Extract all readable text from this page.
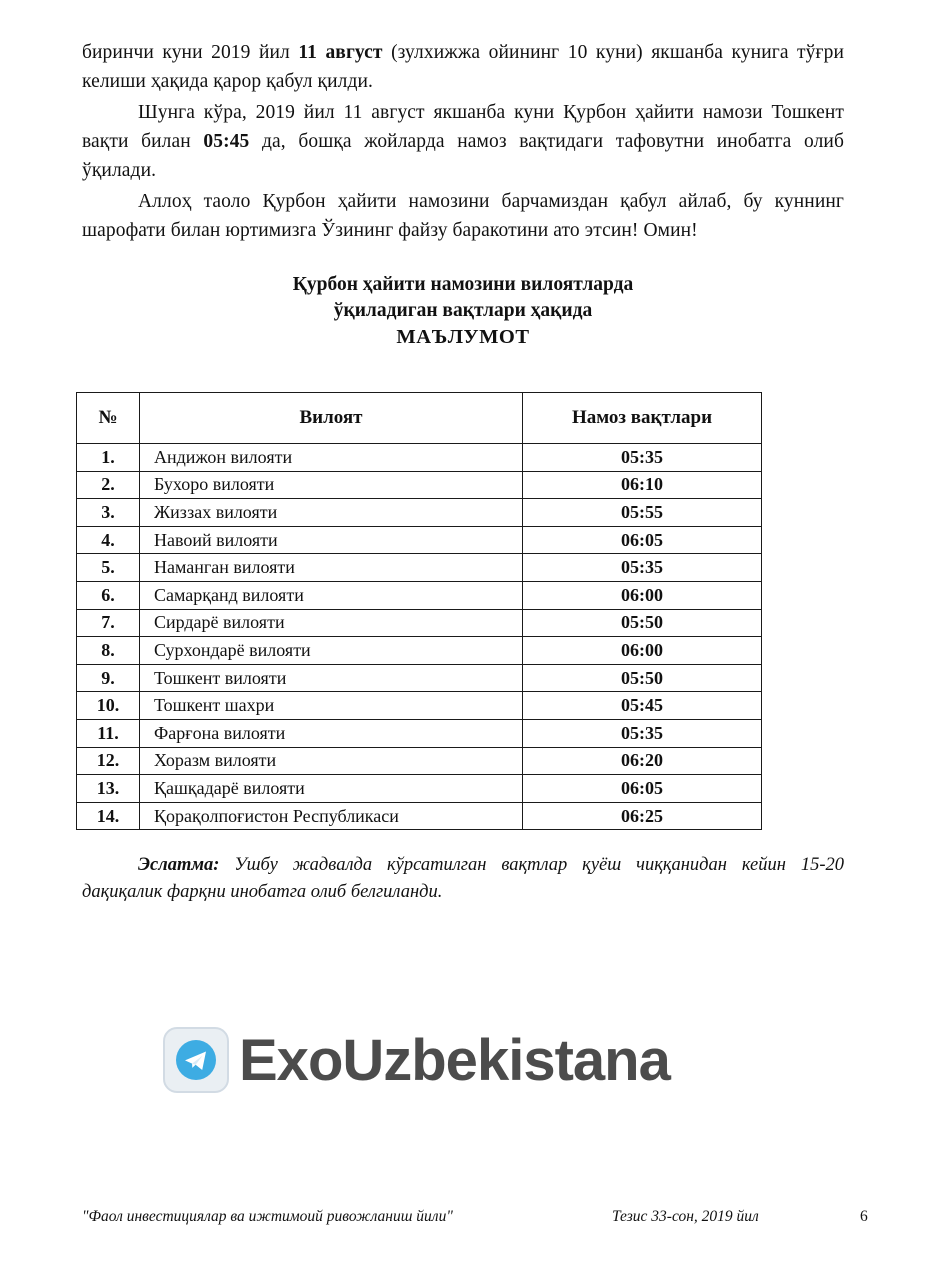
биринчи куни 2019 йил 11 август (зулхижжа ойининг 10 куни) якшанба кунига тўғри келиши ҳақида қарор қабул қилди.

Шунга кўра, 2019 йил 11 август якшанба куни Қурбон ҳайити намози Тошкент вақти билан 05:45 да, бошқа жойларда намоз вақтидаги тафовутни инобатга олиб ўқилади.

Аллоҳ таоло Қурбон ҳайити намозини барчамиздан қабул айлаб, бу куннинг шарофати билан юртимизга Ўзининг файзу баракотини ато этсин! Омин!

Қурбон ҳайити намозини вилоятларда
ўқиладиган вақтлари ҳақида
МАЪЛУМОТ
№	Вилоят	Намоз вақтлари
1.	Андижон вилояти	05:35
2.	Бухоро вилояти	06:10
3.	Жиззах вилояти	05:55
4.	Навоий вилояти	06:05
5.	Наманган вилояти	05:35
6.	Самарқанд вилояти	06:00
7.	Сирдарё вилояти	05:50
8.	Сурхондарё вилояти	06:00
9.	Тошкент вилояти	05:50
10.	Тошкент шахри	05:45
11.	Фарғона вилояти	05:35
12.	Хоразм вилояти	06:20
13.	Қашқадарё вилояти	06:05
14.	Қорақолпоғистон Республикаси	06:25
Эслатма: Ушбу жадвалда кўрсатилган вақтлар қуёш чиққанидан кейин 15-20 дақиқалик фарқни инобатга олиб белгиланди.
ExoUzbekistana
"Фаол инвестициялар ва ижтимоий ривожланиш йили"	Тезис 33-сон, 2019 йил	6
